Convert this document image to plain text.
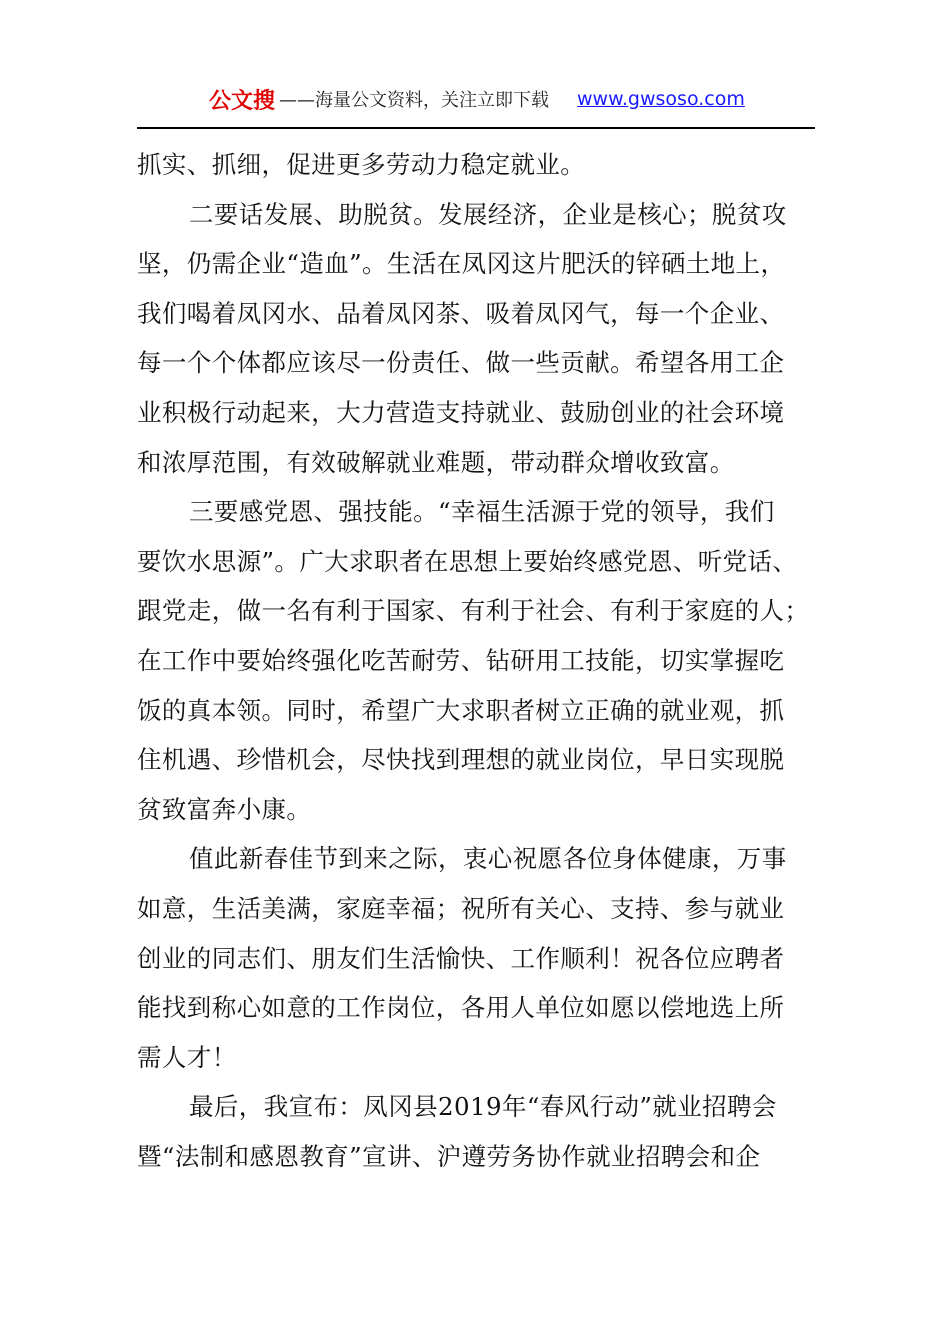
公文搜 ——海量公文资料，关注立即下载 www.gwsoso.com
抓实、抓细，促进更多劳动力稳定就业。
二要话发展、助脱贫。发展经济，企业是核心；脱贫攻
坚，仍需企业“造血”。生活在凤冈这片肥沃的锌硒土地上，
我们喝着凤冈水、品着凤冈茶、吸着凤冈气，每一个企业、
每一个个体都应该尽一份责任、做一些贡献。希望各用工企
业积极行动起来，大力营造支持就业、鼓励创业的社会环境
和浓厚范围，有效破解就业难题，带动群众增收致富。
三要感党恩、强技能。“幸福生活源于党的领导，我们
要饮水思源”。广大求职者在思想上要始终感党恩、听党话、
跟党走，做一名有利于国家、有利于社会、有利于家庭的人；
在工作中要始终强化吃苦耐劳、钻研用工技能，切实掌握吃
饭的真本领。同时，希望广大求职者树立正确的就业观，抓
住机遇、珍惜机会，尽快找到理想的就业岗位，早日实现脱
贫致富奔小康。
值此新春佳节到来之际，衷心祝愿各位身体健康，万事
如意，生活美满，家庭幸福；祝所有关心、支持、参与就业
创业的同志们、朋友们生活愉快、工作顺利！祝各位应聘者
能找到称心如意的工作岗位，各用人单位如愿以偿地选上所
需人才！
最后，我宣布：凤冈县2019年“春风行动”就业招聘会
暨“法制和感恩教育”宣讲、沪遵劳务协作就业招聘会和企
